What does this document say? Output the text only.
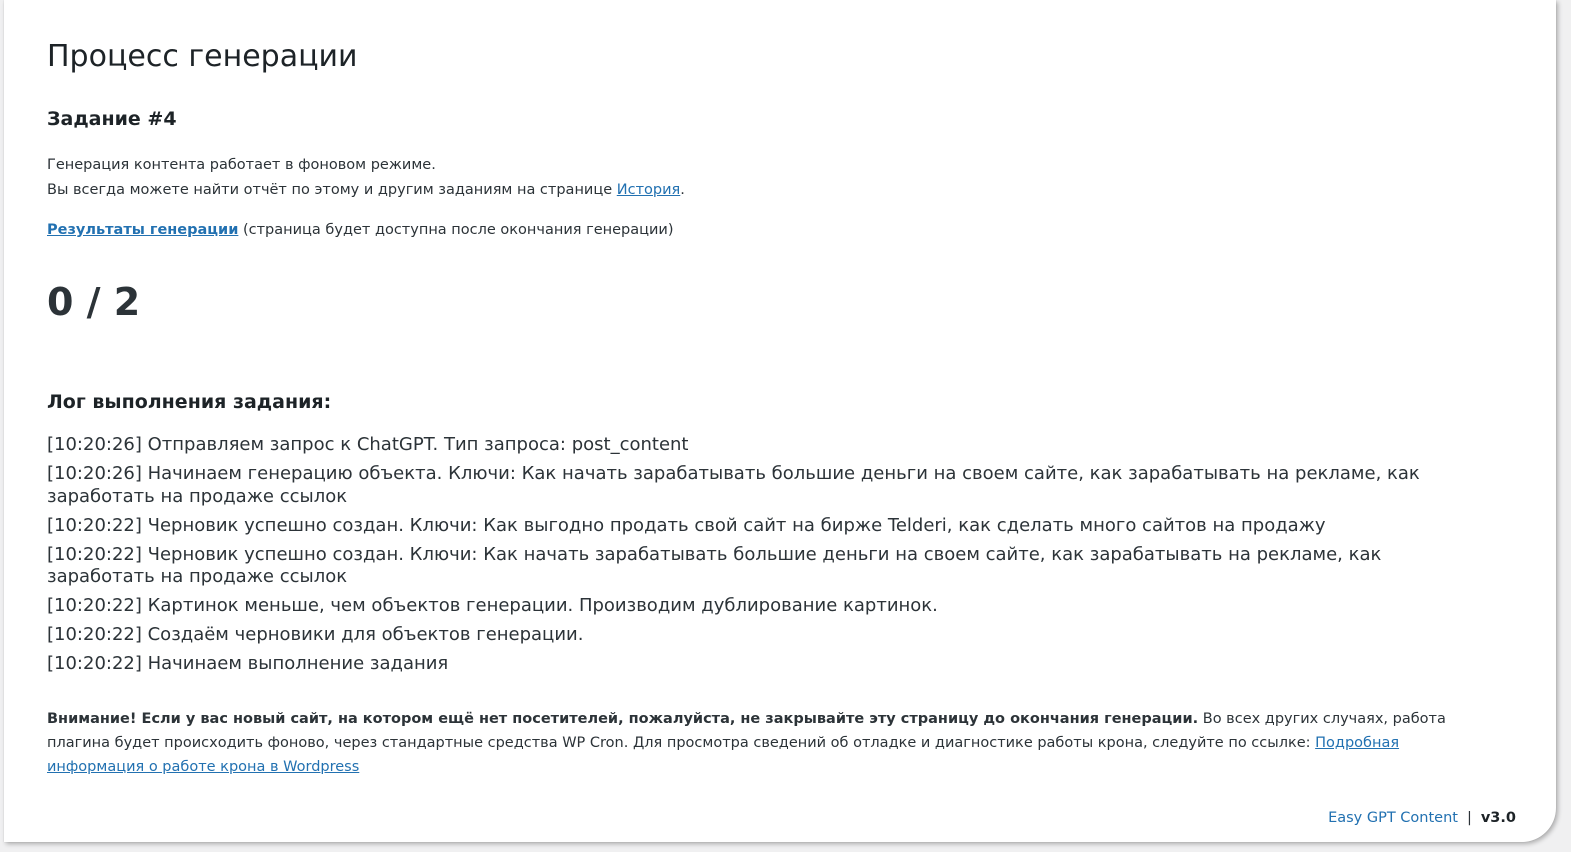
Процесс генерации
Задание #4
Генерация контента работает в фоновом режиме.
Вы всегда можете найти отчёт по этому и другим заданиям на странице История.
Результаты генерации (страница будет доступна после окончания генерации)
0 / 2
Лог выполнения задания:
[10:20:26] Отправляем запрос к ChatGPT. Тип запроса: post_content
[10:20:26] Начинаем генерацию объекта. Ключи: Как начать зарабатывать большие деньги на своем сайте, как зарабатывать на рекламе, как заработать на продаже ссылок
[10:20:22] Черновик успешно создан. Ключи: Как выгодно продать свой сайт на бирже Telderi, как сделать много сайтов на продажу
[10:20:22] Черновик успешно создан. Ключи: Как начать зарабатывать большие деньги на своем сайте, как зарабатывать на рекламе, как заработать на продаже ссылок
[10:20:22] Картинок меньше, чем объектов генерации. Производим дублирование картинок.
[10:20:22] Создаём черновики для объектов генерации.
[10:20:22] Начинаем выполнение задания
Внимание! Если у вас новый сайт, на котором ещё нет посетителей, пожалуйста, не закрывайте эту страницу до окончания генерации. Во всех других случаях, работа плагина будет происходить фоново, через стандартные средства WP Cron. Для просмотра сведений об отладке и диагностике работы крона, следуйте по ссылке: Подробная информация о работе крона в Wordpress
Easy GPT Content | v3.0
